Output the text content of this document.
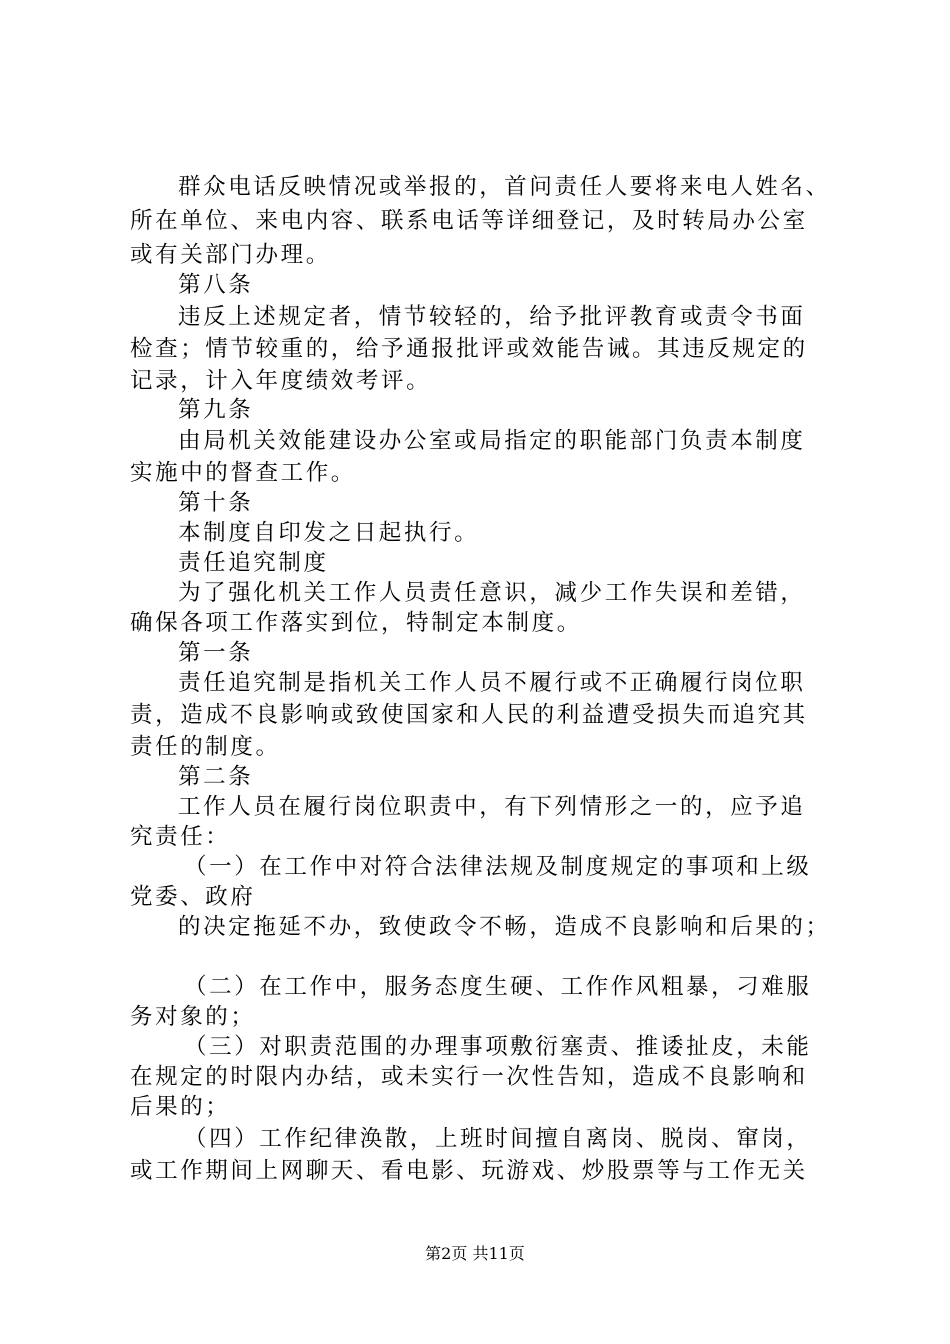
群众电话反映情况或举报的，首问责任人要将来电人姓名、
所在单位、来电内容、联系电话等详细登记，及时转局办公室
或有关部门办理。
第八条
违反上述规定者，情节较轻的，给予批评教育或责令书面
检查；情节较重的，给予通报批评或效能告诫。其违反规定的
记录，计入年度绩效考评。
第九条
由局机关效能建设办公室或局指定的职能部门负责本制度
实施中的督查工作。
第十条
本制度自印发之日起执行。
责任追究制度
为了强化机关工作人员责任意识，减少工作失误和差错，
确保各项工作落实到位，特制定本制度。
第一条
责任追究制是指机关工作人员不履行或不正确履行岗位职
责，造成不良影响或致使国家和人民的利益遭受损失而追究其
责任的制度。
第二条
工作人员在履行岗位职责中，有下列情形之一的，应予追
究责任：
（一）在工作中对符合法律法规及制度规定的事项和上级
党委、政府
的决定拖延不办，致使政令不畅，造成不良影响和后果的；
（二）在工作中，服务态度生硬、工作作风粗暴，刁难服
务对象的；
（三）对职责范围的办理事项敷衍塞责、推诿扯皮，未能
在规定的时限内办结，或未实行一次性告知，造成不良影响和
后果的；
（四）工作纪律涣散，上班时间擅自离岗、脱岗、窜岗，
或工作期间上网聊天、看电影、玩游戏、炒股票等与工作无关
第2页 共11页
